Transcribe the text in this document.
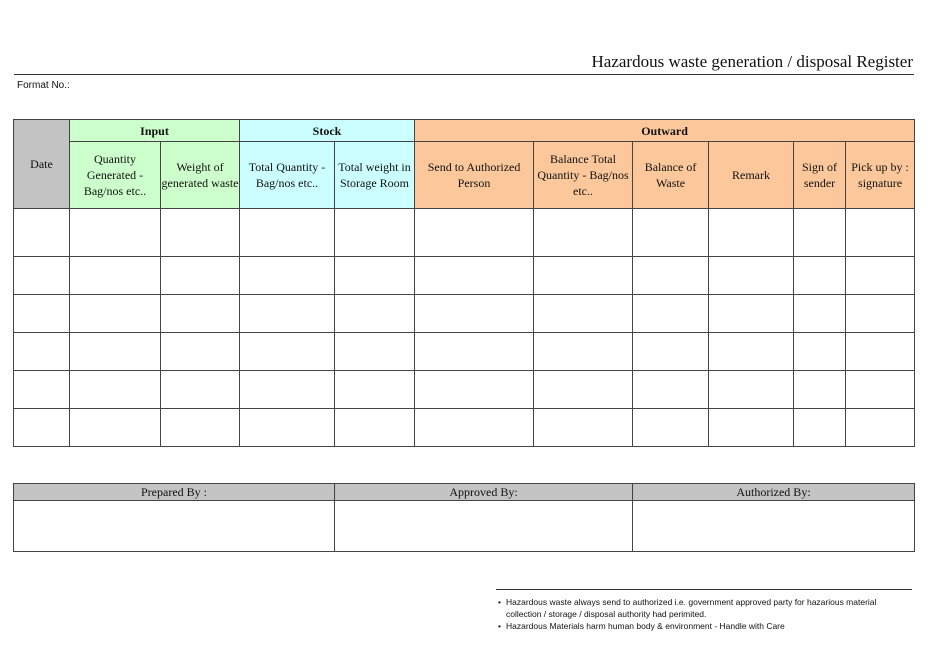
Hazardous waste generation / disposal Register
Format No.:
Date	Input		Stock		Outward					
	Quantity Generated - Bag/nos etc..	Weight of generated waste	Total Quantity - Bag/nos etc..	Total weight in Storage Room	Send to Authorized Person	Balance Total Quantity - Bag/nos etc..	Balance of Waste	Remark	Sign of sender	Pick up by : signature

Prepared By :	Approved By:	Authorized By:

• Hazardous waste always send to authorized i.e. government approved party for hazarious material collection / storage / disposal authority had perimited.
• Hazardous Materials harm human body & environment - Handle with Care
